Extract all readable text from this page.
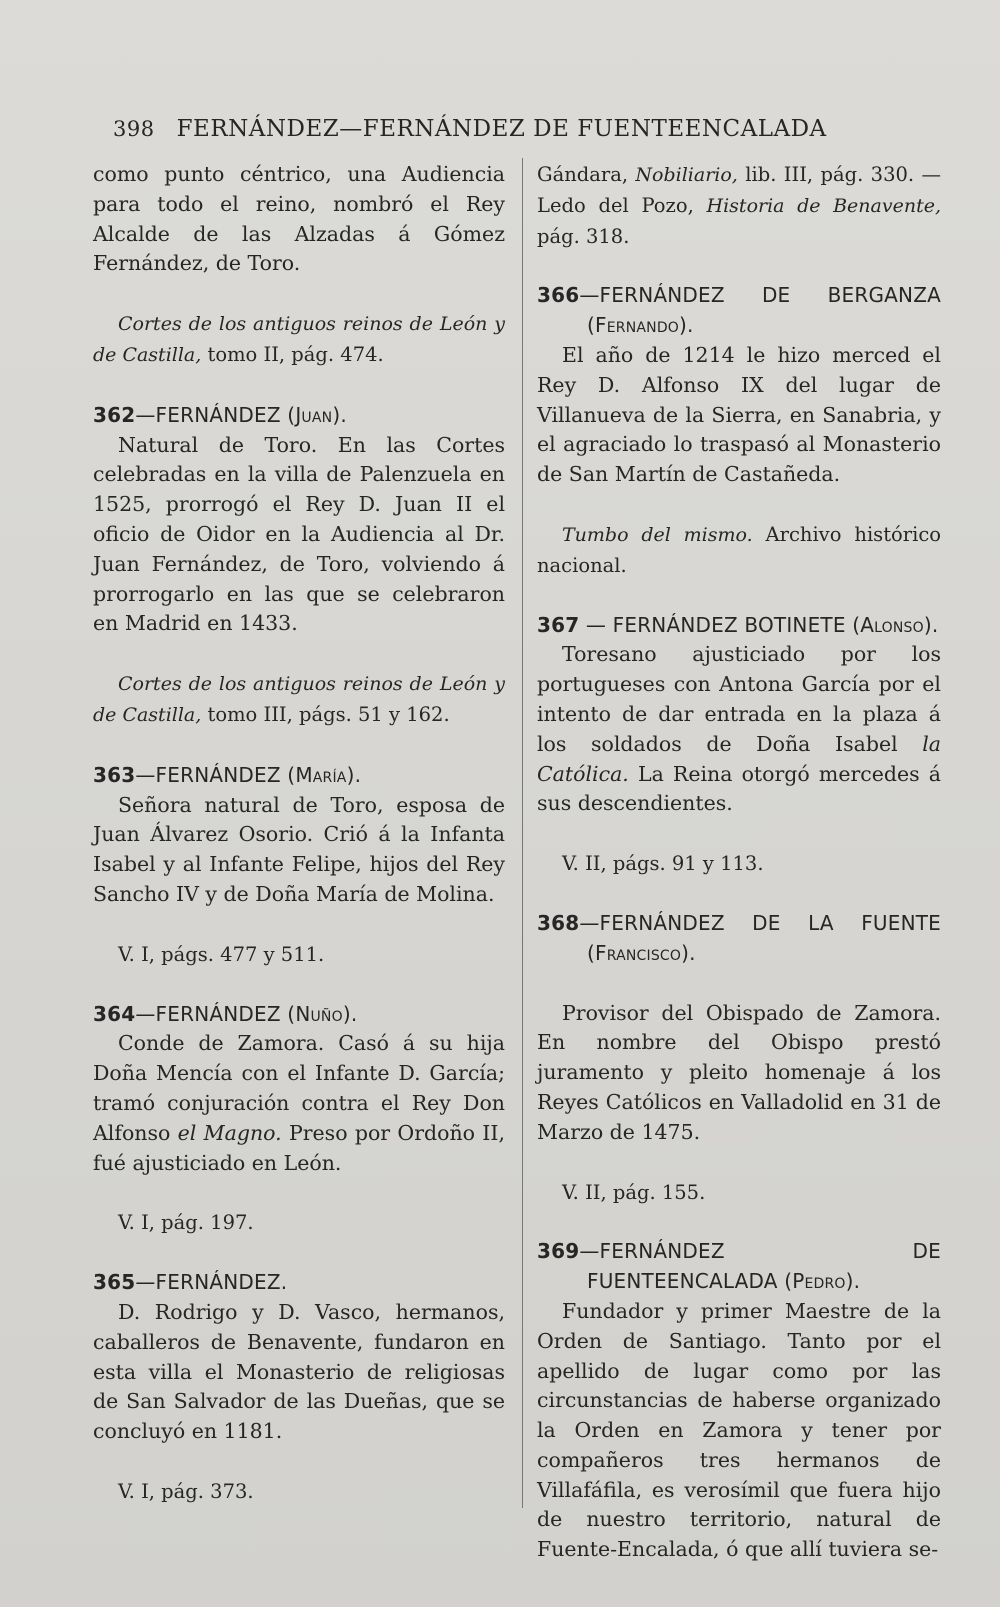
398 FERNÁNDEZ—FERNÁNDEZ DE FUENTEENCALADA

como punto céntrico, una Audiencia para todo el reino, nombró el Rey Alcalde de las Alzadas á Gómez Fernández, de Toro.

Cortes de los antiguos reinos de León y de Castilla, tomo II, pág. 474.

362—FERNÁNDEZ (Juan).

Natural de Toro. En las Cortes celebradas en la villa de Palenzuela en 1525, prorrogó el Rey D. Juan II el oficio de Oidor en la Audiencia al Dr. Juan Fernández, de Toro, volviendo á prorrogarlo en las que se celebraron en Madrid en 1433.

Cortes de los antiguos reinos de León y de Castilla, tomo III, págs. 51 y 162.

363—FERNÁNDEZ (María).

Señora natural de Toro, esposa de Juan Álvarez Osorio. Crió á la Infanta Isabel y al Infante Felipe, hijos del Rey Sancho IV y de Doña María de Molina.

V. I, págs. 477 y 511.

364—FERNÁNDEZ (Nuño).

Conde de Zamora. Casó á su hija Doña Mencía con el Infante D. García; tramó conjuración contra el Rey Don Alfonso el Magno. Preso por Ordoño II, fué ajusticiado en León.

V. I, pág. 197.

365—FERNÁNDEZ.

D. Rodrigo y D. Vasco, hermanos, caballeros de Benavente, fundaron en esta villa el Monasterio de religiosas de San Salvador de las Dueñas, que se concluyó en 1181.

V. I, pág. 373.

Gándara, Nobiliario, lib. III, pág. 330. —Ledo del Pozo, Historia de Benavente, pág. 318.

366—FERNÁNDEZ DE BERGANZA (Fernando).

El año de 1214 le hizo merced el Rey D. Alfonso IX del lugar de Villanueva de la Sierra, en Sanabria, y el agraciado lo traspasó al Monasterio de San Martín de Castañeda.

Tumbo del mismo. Archivo histórico nacional.

367 — FERNÁNDEZ BOTINETE (Alonso).

Toresano ajusticiado por los portugueses con Antona García por el intento de dar entrada en la plaza á los soldados de Doña Isabel la Católica. La Reina otorgó mercedes á sus descendientes.

V. II, págs. 91 y 113.

368—FERNÁNDEZ DE LA FUENTE (Francisco).

Provisor del Obispado de Zamora. En nombre del Obispo prestó juramento y pleito homenaje á los Reyes Católicos en Valladolid en 31 de Marzo de 1475.

V. II, pág. 155.

369—FERNÁNDEZ DE FUENTEENCALADA (Pedro).

Fundador y primer Maestre de la Orden de Santiago. Tanto por el apellido de lugar como por las circunstancias de haberse organizado la Orden en Zamora y tener por compañeros tres hermanos de Villafáfila, es verosímil que fuera hijo de nuestro territorio, natural de Fuente-Encalada, ó que allí tuviera se-
